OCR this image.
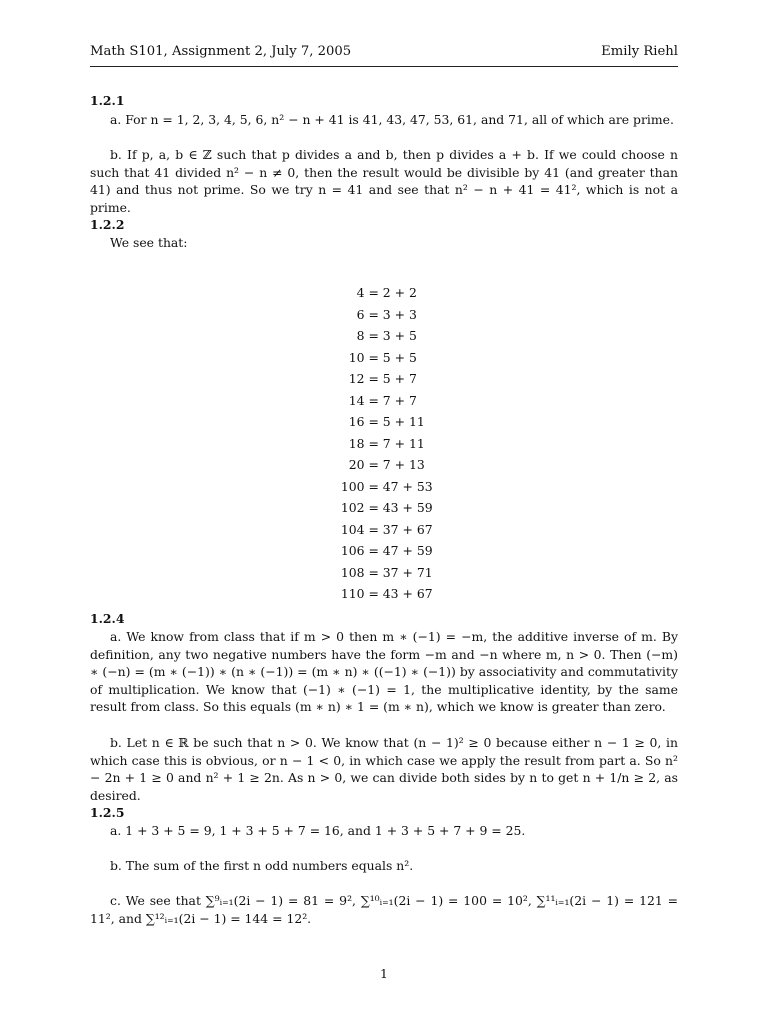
Math S101, Assignment 2, July 7, 2005	Emily Riehl
1.2.1
a. For n = 1, 2, 3, 4, 5, 6, n² − n + 41 is 41, 43, 47, 53, 61, and 71, all of which are prime.
b. If p, a, b ∈ ℤ such that p divides a and b, then p divides a + b. If we could choose n such that 41 divided n² − n ≠ 0, then the result would be divisible by 41 (and greater than 41) and thus not prime. So we try n = 41 and see that n² − n + 41 = 41², which is not a prime.
1.2.2
We see that:
4 = 2 + 2
6 = 3 + 3
8 = 3 + 5
10 = 5 + 5
12 = 5 + 7
14 = 7 + 7
16 = 5 + 11
18 = 7 + 11
20 = 7 + 13
100 = 47 + 53
102 = 43 + 59
104 = 37 + 67
106 = 47 + 59
108 = 37 + 71
110 = 43 + 67
1.2.4
a. We know from class that if m > 0 then m ∗ (−1) = −m, the additive inverse of m. By definition, any two negative numbers have the form −m and −n where m, n > 0. Then (−m) ∗ (−n) = (m ∗ (−1)) ∗ (n ∗ (−1)) = (m ∗ n) ∗ ((−1) ∗ (−1)) by associativity and commutativity of multiplication. We know that (−1) ∗ (−1) = 1, the multiplicative identity, by the same result from class. So this equals (m ∗ n) ∗ 1 = (m ∗ n), which we know is greater than zero.
b. Let n ∈ ℝ be such that n > 0. We know that (n − 1)² ≥ 0 because either n − 1 ≥ 0, in which case this is obvious, or n − 1 < 0, in which case we apply the result from part a. So n² − 2n + 1 ≥ 0 and n² + 1 ≥ 2n. As n > 0, we can divide both sides by n to get n + 1/n ≥ 2, as desired.
1.2.5
a. 1 + 3 + 5 = 9, 1 + 3 + 5 + 7 = 16, and 1 + 3 + 5 + 7 + 9 = 25.
b. The sum of the first n odd numbers equals n².
c. We see that ∑⁹ᵢ₌₁(2i − 1) = 81 = 9², ∑¹⁰ᵢ₌₁(2i − 1) = 100 = 10², ∑¹¹ᵢ₌₁(2i − 1) = 121 = 11², and ∑¹²ᵢ₌₁(2i − 1) = 144 = 12².
1
